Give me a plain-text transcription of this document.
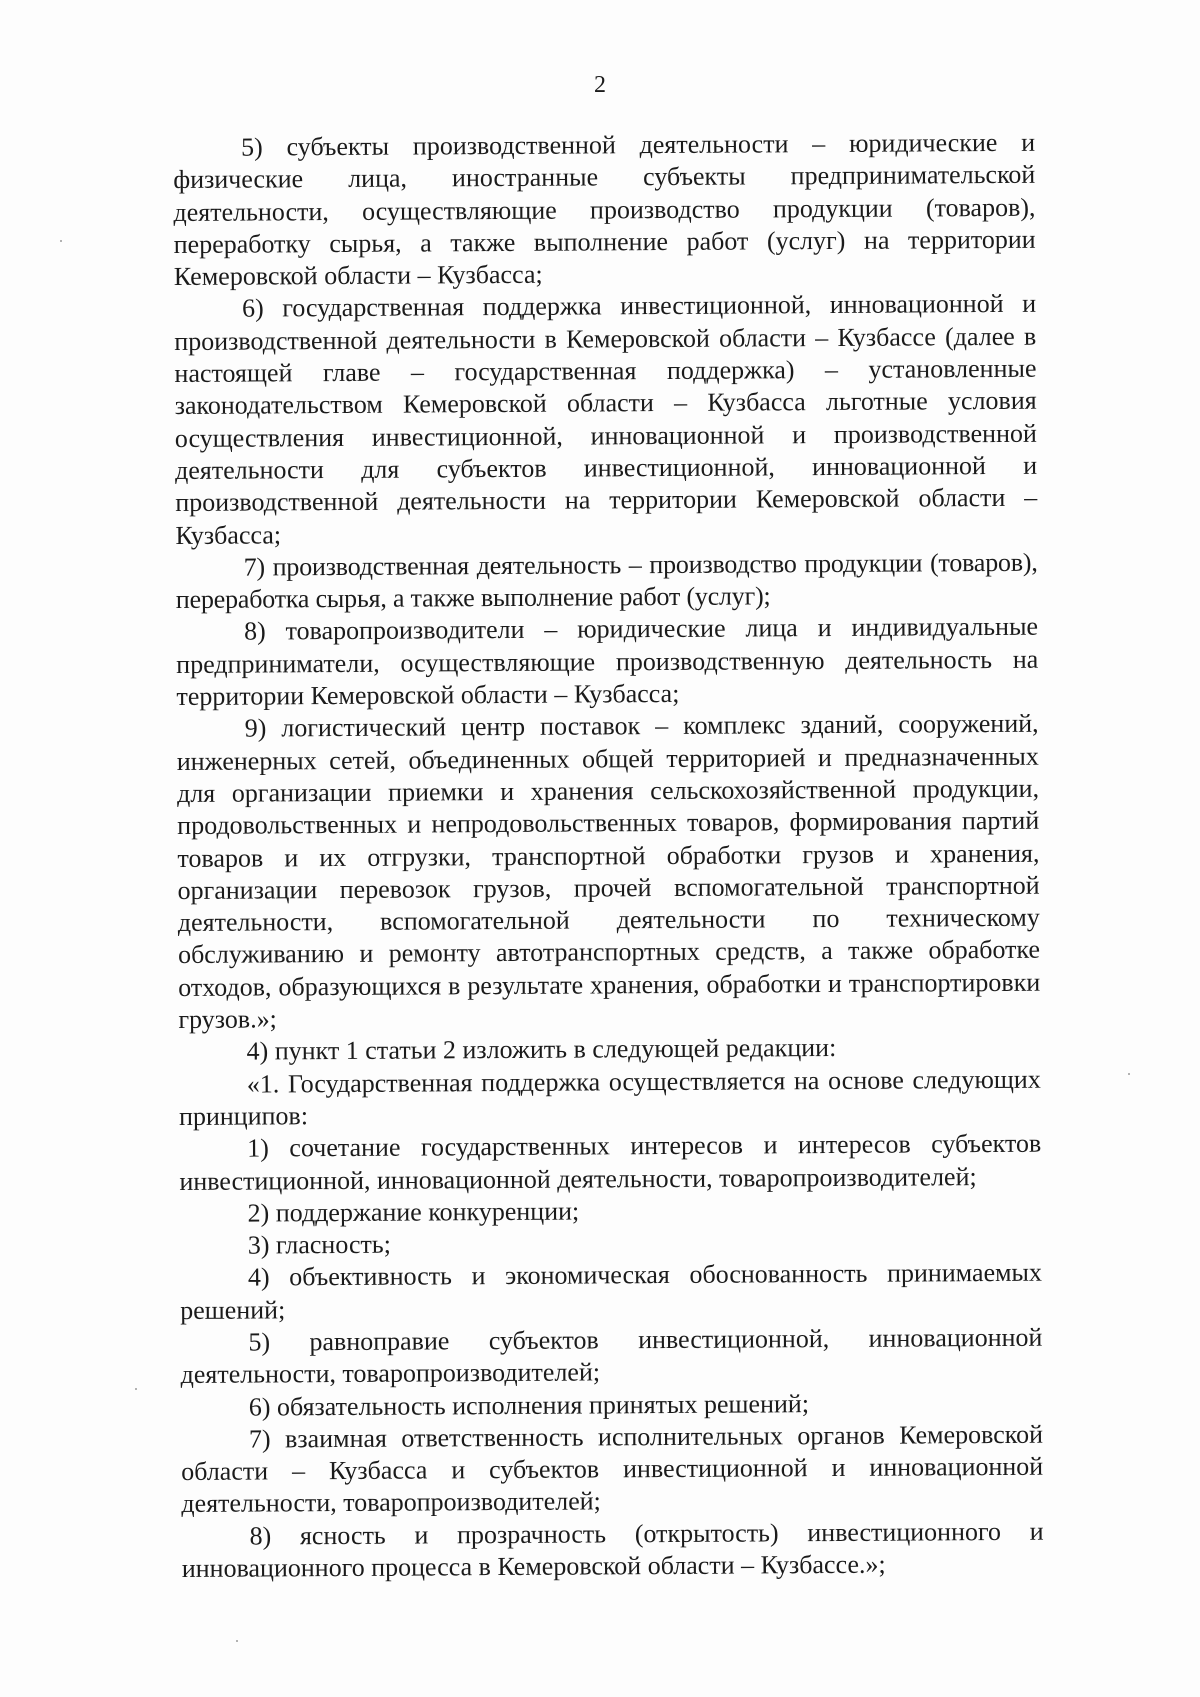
2

5) субъекты производственной деятельности – юридические и физические лица, иностранные субъекты предпринимательской деятельности, осуществляющие производство продукции (товаров), переработку сырья, а также выполнение работ (услуг) на территории Кемеровской области – Кузбасса;

6) государственная поддержка инвестиционной, инновационной и производственной деятельности в Кемеровской области – Кузбассе (далее в настоящей главе – государственная поддержка) – установленные законодательством Кемеровской области – Кузбасса льготные условия осуществления инвестиционной, инновационной и производственной деятельности для субъектов инвестиционной, инновационной и производственной деятельности на территории Кемеровской области – Кузбасса;

7) производственная деятельность – производство продукции (товаров), переработка сырья, а также выполнение работ (услуг);

8) товаропроизводители – юридические лица и индивидуальные предприниматели, осуществляющие производственную деятельность на территории Кемеровской области – Кузбасса;

9) логистический центр поставок – комплекс зданий, сооружений, инженерных сетей, объединенных общей территорией и предназначенных для организации приемки и хранения сельскохозяйственной продукции, продовольственных и непродовольственных товаров, формирования партий товаров и их отгрузки, транспортной обработки грузов и хранения, организации перевозок грузов, прочей вспомогательной транспортной деятельности, вспомогательной деятельности по техническому обслуживанию и ремонту автотранспортных средств, а также обработке отходов, образующихся в результате хранения, обработки и транспортировки грузов.»;

4) пункт 1 статьи 2 изложить в следующей редакции:

«1. Государственная поддержка осуществляется на основе следующих принципов:

1) сочетание государственных интересов и интересов субъектов инвестиционной, инновационной деятельности, товаропроизводителей;

2) поддержание конкуренции;

3) гласность;

4) объективность и экономическая обоснованность принимаемых решений;

5) равноправие субъектов инвестиционной, инновационной деятельности, товаропроизводителей;

6) обязательность исполнения принятых решений;

7) взаимная ответственность исполнительных органов Кемеровской области – Кузбасса и субъектов инвестиционной и инновационной деятельности, товаропроизводителей;

8) ясность и прозрачность (открытость) инвестиционного и инновационного процесса в Кемеровской области – Кузбассе.»;
